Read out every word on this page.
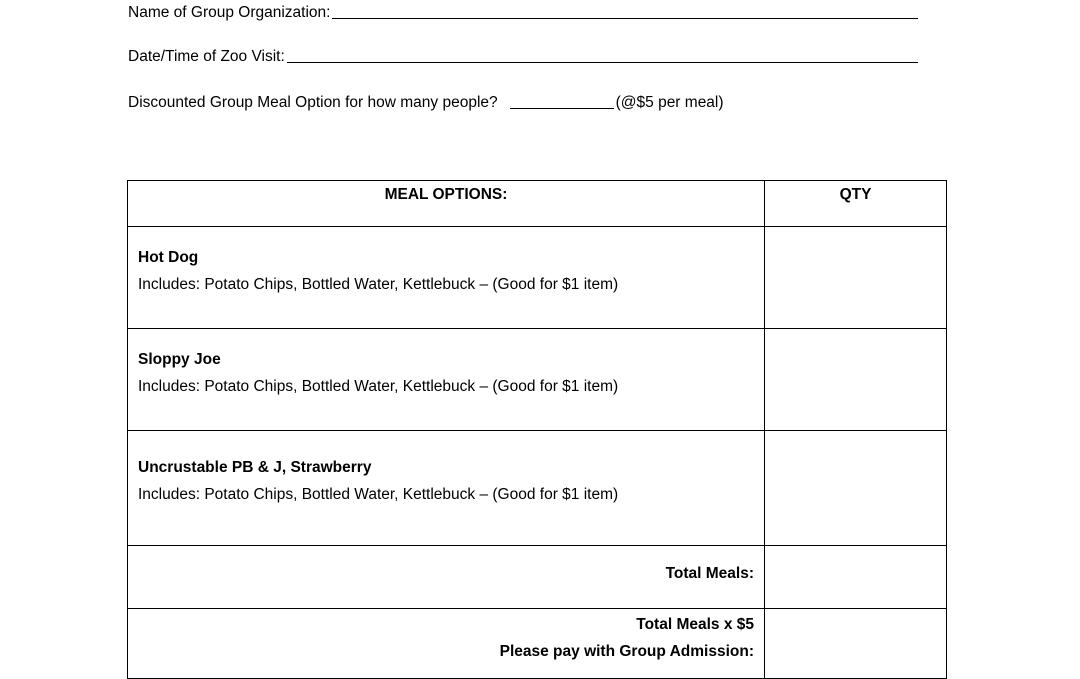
Name of Group Organization:
Date/Time of Zoo Visit:
Discounted Group Meal Option for how many people?	(@$5 per meal)
MEAL OPTIONS:	QTY

Hot Dog
Includes: Potato Chips, Bottled Water, Kettlebuck – (Good for $1 item)	

Sloppy Joe
Includes: Potato Chips, Bottled Water, Kettlebuck – (Good for $1 item)	

Uncrustable PB & J, Strawberry
Includes: Potato Chips, Bottled Water, Kettlebuck – (Good for $1 item)	

Total Meals:	

Total Meals x $5
Please pay with Group Admission:	
